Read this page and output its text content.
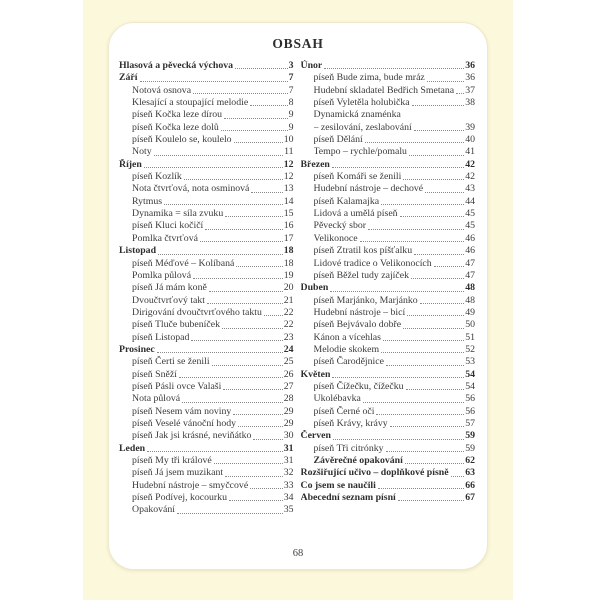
OBSAH
Hlasová a pěvecká výchova	3
Září	7
Notová osnova	7
Klesající a stoupající melodie	8
píseň Kočka leze dírou	9
píseň Kočka leze dolů	9
píseň Koulelo se, koulelo	10
Noty	11
Říjen	12
píseň Kozlík	12
Nota čtvrťová, nota osminová	13
Rytmus	14
Dynamika = síla zvuku	15
píseň Kluci kočičí	16
Pomlka čtvrťová	17
Listopad	18
píseň Méďové – Kolíbaná	18
Pomlka půlová	19
píseň Já mám koně	20
Dvoučtvrťový takt	21
Dirigování dvoučtvrťového taktu 22
píseň Tluče bubeníček	22
píseň Listopad	23
Prosinec	24
píseň Čerti se ženili	25
píseň Sněží	26
píseň Pásli ovce Valaši	27
Nota půlová	28
píseň Nesem vám noviny	29
píseň Veselé vánoční hody	29
píseň Jak jsi krásné, neviňátko	30
Leden	31
píseň My tři králové	31
píseň Já jsem muzikant	32
Hudební nástroje – smyčcové	33
píseň Podívej, kocourku	34
Opakování	35
Únor	36
píseň Bude zima, bude mráz	36
Hudební skladatel Bedřich Smetana 37
píseň Vyletěla holubička	38
Dynamická znaménka
– zesilování, zeslabování	39
píseň Dělání	40
Tempo – rychle/pomalu	41
Březen	42
píseň Komáři se ženili	42
Hudební nástroje – dechové	43
píseň Kalamajka	44
Lidová a umělá píseň	45
Pěvecký sbor	45
Velikonoce	46
píseň Ztratil kos píšťalku	46
Lidové tradice o Velikonocích	47
píseň Běžel tudy zajíček	47
Duben	48
píseň Marjánko, Marjánko	48
Hudební nástroje – bicí	49
píseň Bejvávalo dobře	50
Kánon a vícehlas	51
Melodie skokem	52
píseň Čarodějnice	53
Květen	54
píseň Čížečku, čížečku	54
Ukolébavka	56
píseň Černé oči	56
píseň Krávy, krávy	57
Červen	59
píseň Tři citrónky	59
Závěrečné opakování	62
Rozšiřující učivo – doplňkové písně 63
Co jsem se naučili	66
Abecední seznam písní	67
68
